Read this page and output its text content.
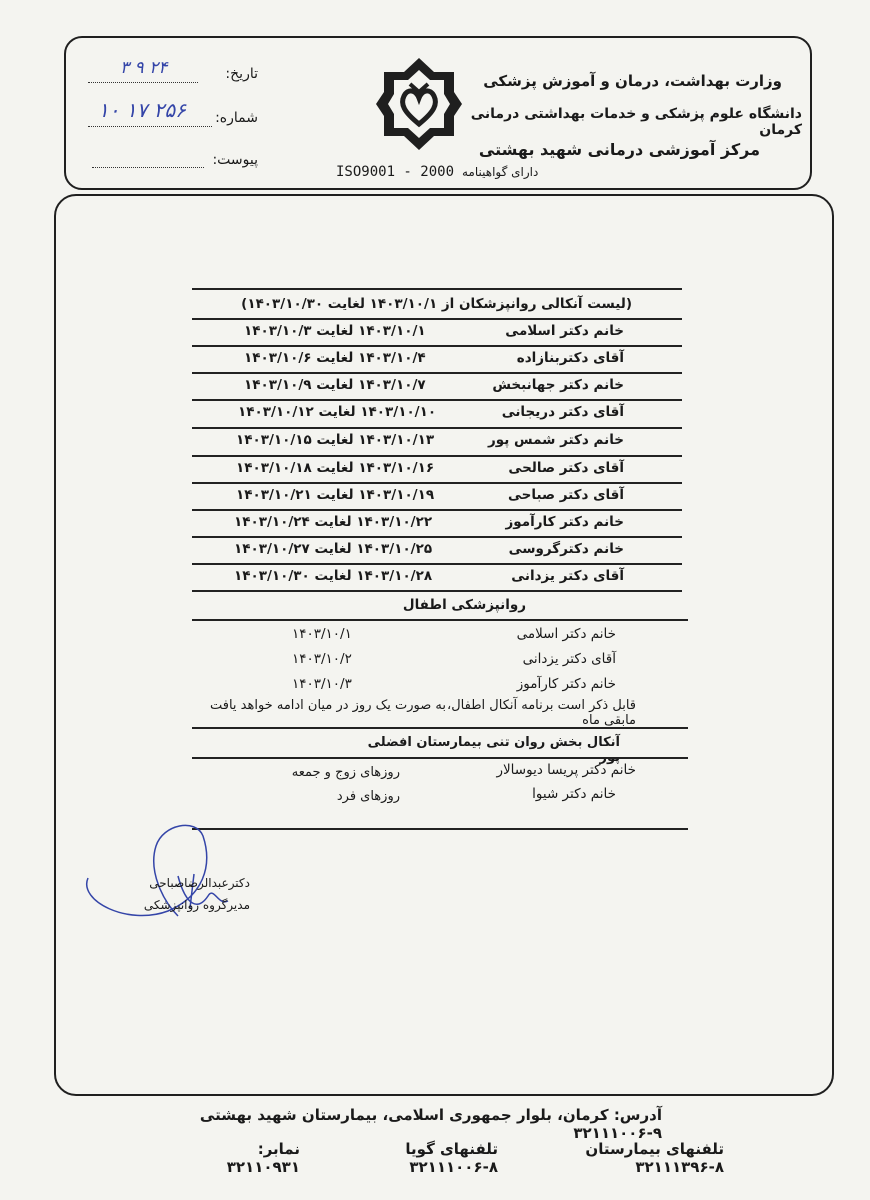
تاریخ:
۳ ۹ ۲۴
شماره:
۱۰ ۱۷ ۲۵۶
پیوست:
ISO9001 - 2000 دارای گواهینامه
وزارت بهداشت، درمان و آموزش پزشکی
دانشگاه علوم پزشکی و خدمات بهداشتی درمانی کرمان
مرکز آموزشی درمانی شهید بهشتی
(لیست آنکالی روانپزشکان از ۱۴۰۳/۱۰/۱ لغایت ۱۴۰۳/۱۰/۳۰)
خانم دکتر اسلامی
۱۴۰۳/۱۰/۱ لغایت ۱۴۰۳/۱۰/۳
آقای دکتربنازاده
۱۴۰۳/۱۰/۴ لغایت ۱۴۰۳/۱۰/۶
خانم دکتر جهانبخش
۱۴۰۳/۱۰/۷ لغایت ۱۴۰۳/۱۰/۹
آقای دکتر دریجانی
۱۴۰۳/۱۰/۱۰ لغایت ۱۴۰۳/۱۰/۱۲
خانم دکتر شمس پور
۱۴۰۳/۱۰/۱۳ لغایت ۱۴۰۳/۱۰/۱۵
آقای دکتر صالحی
۱۴۰۳/۱۰/۱۶ لغایت ۱۴۰۳/۱۰/۱۸
آقای دکتر صباحی
۱۴۰۳/۱۰/۱۹ لغایت ۱۴۰۳/۱۰/۲۱
خانم دکتر کارآموز
۱۴۰۳/۱۰/۲۲ لغایت ۱۴۰۳/۱۰/۲۴
خانم دکترگروسی
۱۴۰۳/۱۰/۲۵ لغایت ۱۴۰۳/۱۰/۲۷
آقای دکتر یزدانی
۱۴۰۳/۱۰/۲۸ لغایت ۱۴۰۳/۱۰/۳۰
روانپزشکی اطفال
خانم دکتر اسلامی
۱۴۰۳/۱۰/۱
آقای دکتر یزدانی
۱۴۰۳/۱۰/۲
خانم دکتر کارآموز
۱۴۰۳/۱۰/۳
قابل ذکر است برنامه آنکال اطفال، مابقی ماه
به صورت یک روز در میان ادامه خواهد یافت
آنکال بخش روان تنی بیمارستان افضلی پور
خانم دکتر پریسا دیوسالار
روزهای زوج و جمعه
خانم دکتر شیوا
روزهای فرد
دکترعبدالرضاصباحی
مدیرگروه روانپزشکی
آدرس: کرمان، بلوار جمهوری اسلامی، بیمارستان شهید بهشتی ۹-۳۲۱۱۱۰۰۶
تلفنهای بیمارستان ۸-۳۲۱۱۱۳۹۶
تلفنهای گویا ۸-۳۲۱۱۱۰۰۶
نمابر: ۳۲۱۱۰۹۳۱
